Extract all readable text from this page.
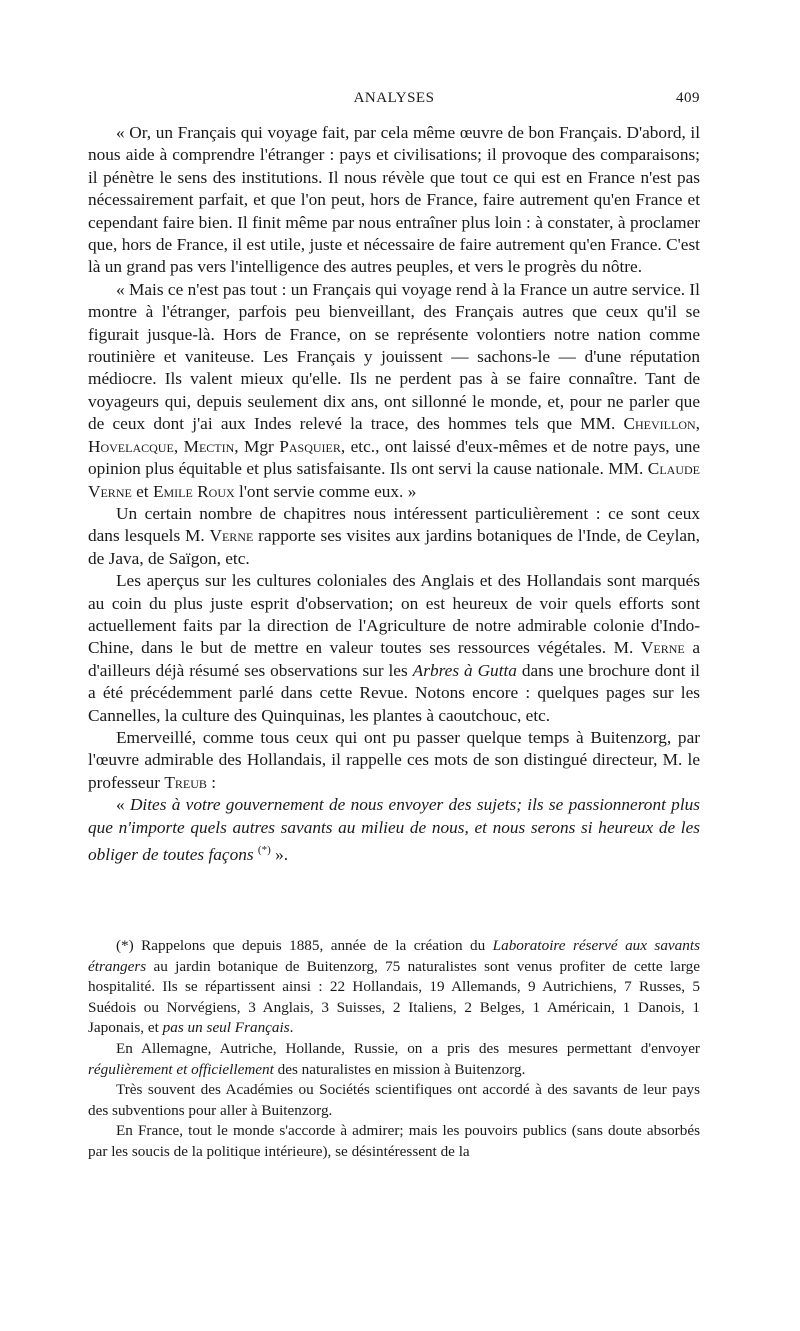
ANALYSES	409

« Or, un Français qui voyage fait, par cela même œuvre de bon Français. D'abord, il nous aide à comprendre l'étranger : pays et civilisations; il provoque des comparaisons; il pénètre le sens des institutions. Il nous révèle que tout ce qui est en France n'est pas nécessairement parfait, et que l'on peut, hors de France, faire autrement qu'en France et cependant faire bien. Il finit même par nous entraîner plus loin : à constater, à proclamer que, hors de France, il est utile, juste et nécessaire de faire autrement qu'en France. C'est là un grand pas vers l'intelligence des autres peuples, et vers le progrès du nôtre.

« Mais ce n'est pas tout : un Français qui voyage rend à la France un autre service. Il montre à l'étranger, parfois peu bienveillant, des Français autres que ceux qu'il se figurait jusque-là. Hors de France, on se représente volontiers notre nation comme routinière et vaniteuse. Les Français y jouissent — sachons-le — d'une réputation médiocre. Ils valent mieux qu'elle. Ils ne perdent pas à se faire connaître. Tant de voyageurs qui, depuis seulement dix ans, ont sillonné le monde, et, pour ne parler que de ceux dont j'ai aux Indes relevé la trace, des hommes tels que MM. Chevillon, Hovelacque, Mectin, Mgr Pasquier, etc., ont laissé d'eux-mêmes et de notre pays, une opinion plus équitable et plus satisfaisante. Ils ont servi la cause nationale. MM. Claude Verne et Emile Roux l'ont servie comme eux. »

Un certain nombre de chapitres nous intéressent particulièrement : ce sont ceux dans lesquels M. Verne rapporte ses visites aux jardins botaniques de l'Inde, de Ceylan, de Java, de Saïgon, etc.

Les aperçus sur les cultures coloniales des Anglais et des Hollandais sont marqués au coin du plus juste esprit d'observation; on est heureux de voir quels efforts sont actuellement faits par la direction de l'Agriculture de notre admirable colonie d'Indo-Chine, dans le but de mettre en valeur toutes ses ressources végétales. M. Verne a d'ailleurs déjà résumé ses observations sur les Arbres à Gutta dans une brochure dont il a été précédemment parlé dans cette Revue. Notons encore : quelques pages sur les Cannelles, la culture des Quinquinas, les plantes à caoutchouc, etc.

Emerveillé, comme tous ceux qui ont pu passer quelque temps à Buitenzorg, par l'œuvre admirable des Hollandais, il rappelle ces mots de son distingué directeur, M. le professeur Treub :

« Dites à votre gouvernement de nous envoyer des sujets; ils se passionneront plus que n'importe quels autres savants au milieu de nous, et nous serons si heureux de les obliger de toutes façons (*) ».

(*) Rappelons que depuis 1885, année de la création du Laboratoire réservé aux savants étrangers au jardin botanique de Buitenzorg, 75 naturalistes sont venus profiter de cette large hospitalité. Ils se répartissent ainsi : 22 Hollandais, 19 Allemands, 9 Autrichiens, 7 Russes, 5 Suédois ou Norvégiens, 3 Anglais, 3 Suisses, 2 Italiens, 2 Belges, 1 Américain, 1 Danois, 1 Japonais, et pas un seul Français.

En Allemagne, Autriche, Hollande, Russie, on a pris des mesures permettant d'envoyer régulièrement et officiellement des naturalistes en mission à Buitenzorg.

Très souvent des Académies ou Sociétés scientifiques ont accordé à des savants de leur pays des subventions pour aller à Buitenzorg.

En France, tout le monde s'accorde à admirer; mais les pouvoirs publics (sans doute absorbés par les soucis de la politique intérieure), se désintéressent de la
